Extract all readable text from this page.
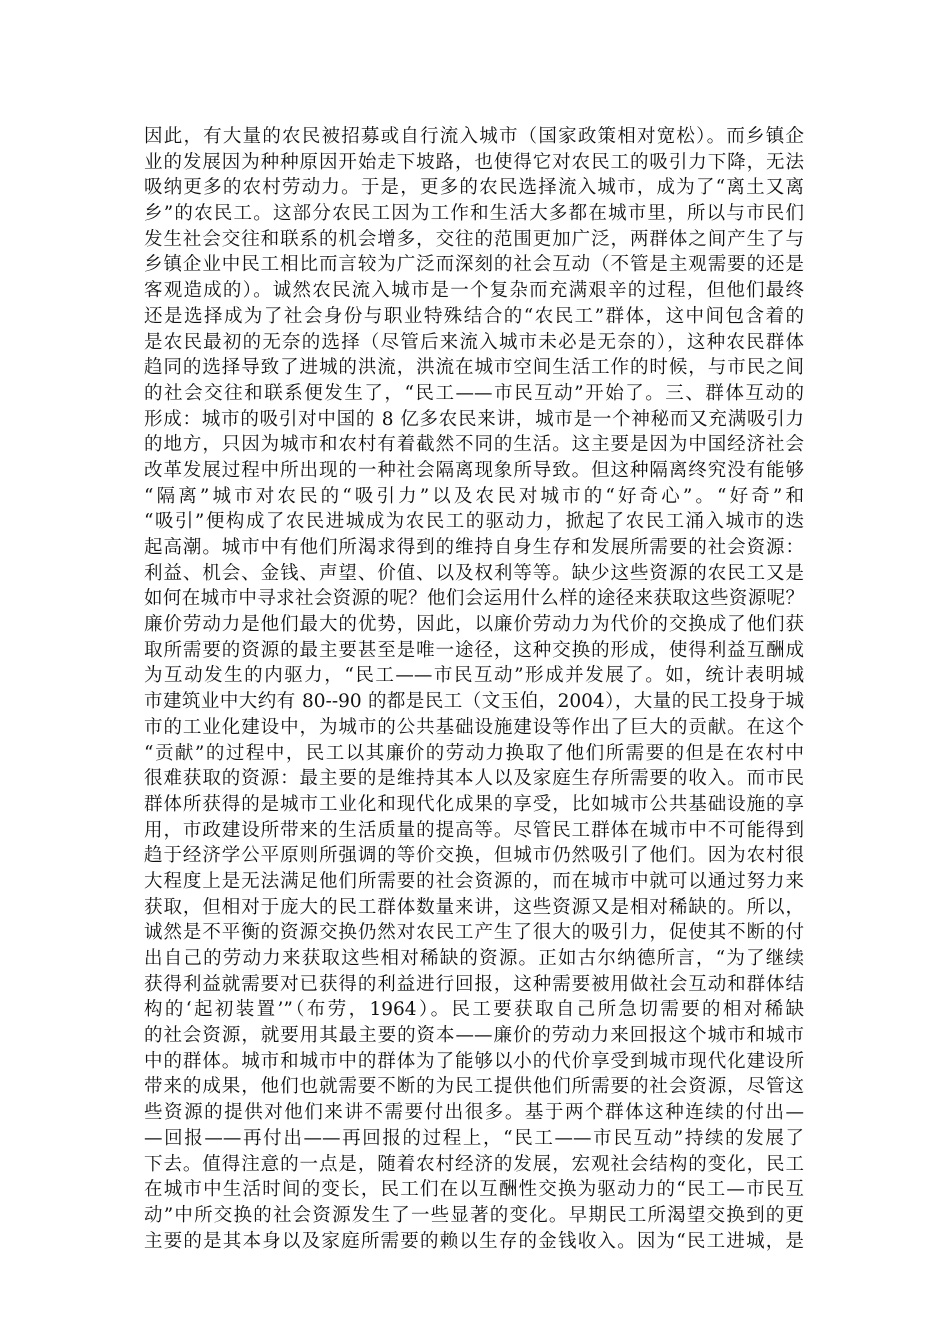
因此，有大量的农民被招募或自行流入城市（国家政策相对宽松）。而乡镇企
业的发展因为种种原因开始走下坡路，也使得它对农民工的吸引力下降，无法
吸纳更多的农村劳动力。于是，更多的农民选择流入城市，成为了“离土又离
乡”的农民工。这部分农民工因为工作和生活大多都在城市里，所以与市民们
发生社会交往和联系的机会增多，交往的范围更加广泛，两群体之间产生了与
乡镇企业中民工相比而言较为广泛而深刻的社会互动（不管是主观需要的还是
客观造成的）。诚然农民流入城市是一个复杂而充满艰辛的过程，但他们最终
还是选择成为了社会身份与职业特殊结合的“农民工”群体，这中间包含着的
是农民最初的无奈的选择（尽管后来流入城市未必是无奈的），这种农民群体
趋同的选择导致了进城的洪流，洪流在城市空间生活工作的时候，与市民之间
的社会交往和联系便发生了，“民工——市民互动”开始了。三、群体互动的
形成：城市的吸引对中国的 8 亿多农民来讲，城市是一个神秘而又充满吸引力
的地方，只因为城市和农村有着截然不同的生活。这主要是因为中国经济社会
改革发展过程中所出现的一种社会隔离现象所导致。但这种隔离终究没有能够
“隔离”城市对农民的“吸引力”以及农民对城市的“好奇心”。“好奇”和
“吸引”便构成了农民进城成为农民工的驱动力，掀起了农民工涌入城市的迭
起高潮。城市中有他们所渴求得到的维持自身生存和发展所需要的社会资源：
利益、机会、金钱、声望、价值、以及权利等等。缺少这些资源的农民工又是
如何在城市中寻求社会资源的呢？他们会运用什么样的途径来获取这些资源呢？
廉价劳动力是他们最大的优势，因此，以廉价劳动力为代价的交换成了他们获
取所需要的资源的最主要甚至是唯一途径，这种交换的形成，使得利益互酬成
为互动发生的内驱力，“民工——市民互动”形成并发展了。如，统计表明城
市建筑业中大约有 80--90 的都是民工（文玉伯，2004），大量的民工投身于城
市的工业化建设中，为城市的公共基础设施建设等作出了巨大的贡献。在这个
“贡献”的过程中，民工以其廉价的劳动力换取了他们所需要的但是在农村中
很难获取的资源：最主要的是维持其本人以及家庭生存所需要的收入。而市民
群体所获得的是城市工业化和现代化成果的享受，比如城市公共基础设施的享
用，市政建设所带来的生活质量的提高等。尽管民工群体在城市中不可能得到
趋于经济学公平原则所强调的等价交换，但城市仍然吸引了他们。因为农村很
大程度上是无法满足他们所需要的社会资源的，而在城市中就可以通过努力来
获取，但相对于庞大的民工群体数量来讲，这些资源又是相对稀缺的。所以，
诚然是不平衡的资源交换仍然对农民工产生了很大的吸引力，促使其不断的付
出自己的劳动力来获取这些相对稀缺的资源。正如古尔纳德所言，“为了继续
获得利益就需要对已获得的利益进行回报，这种需要被用做社会互动和群体结
构的‘起初装置’”（布劳，1964）。民工要获取自己所急切需要的相对稀缺
的社会资源，就要用其最主要的资本——廉价的劳动力来回报这个城市和城市
中的群体。城市和城市中的群体为了能够以小的代价享受到城市现代化建设所
带来的成果，他们也就需要不断的为民工提供他们所需要的社会资源，尽管这
些资源的提供对他们来讲不需要付出很多。基于两个群体这种连续的付出—
—回报——再付出——再回报的过程上，“民工——市民互动”持续的发展了
下去。值得注意的一点是，随着农村经济的发展，宏观社会结构的变化，民工
在城市中生活时间的变长，民工们在以互酬性交换为驱动力的“民工—市民互
动”中所交换的社会资源发生了一些显著的变化。早期民工所渴望交换到的更
主要的是其本身以及家庭所需要的赖以生存的金钱收入。因为“民工进城，是
